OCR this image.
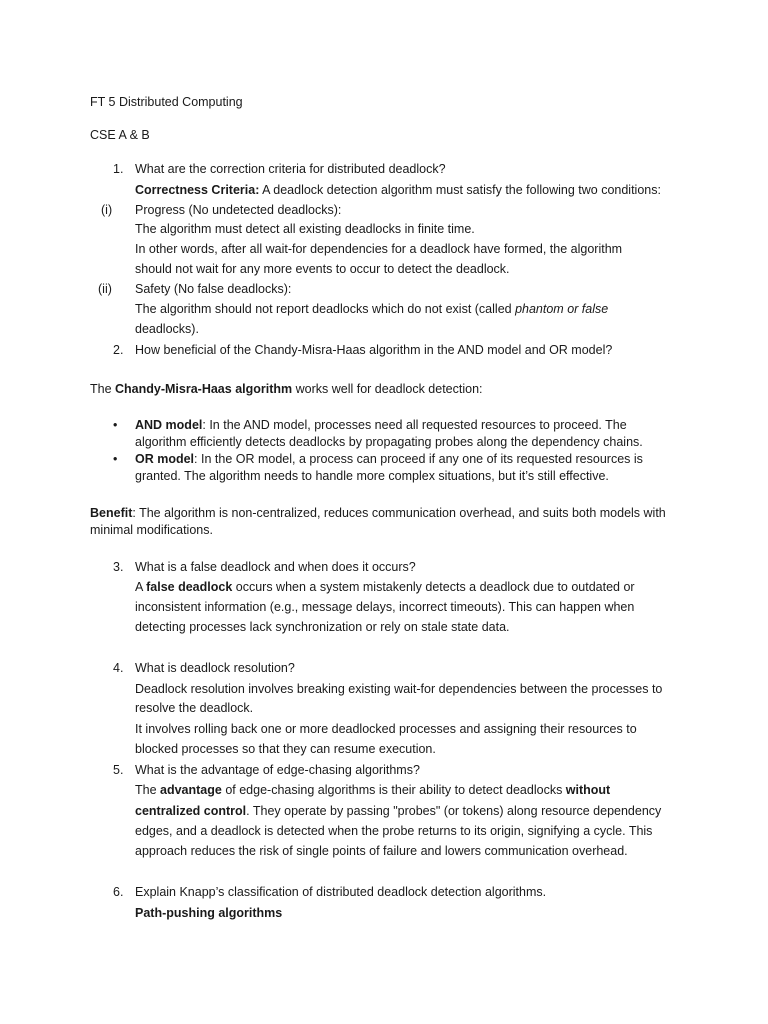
FT 5 Distributed Computing
CSE A & B
1. What are the correction criteria for distributed deadlock?
Correctness Criteria: A deadlock detection algorithm must satisfy the following two conditions:
(i) Progress (No undetected deadlocks):
The algorithm must detect all existing deadlocks in finite time.
In other words, after all wait-for dependencies for a deadlock have formed, the algorithm
should not wait for any more events to occur to detect the deadlock.
(ii) Safety (No false deadlocks):
The algorithm should not report deadlocks which do not exist (called phantom or false
deadlocks).
2. How beneficial of the Chandy-Misra-Haas algorithm in the AND model and OR model?
The Chandy-Misra-Haas algorithm works well for deadlock detection:
• AND model: In the AND model, processes need all requested resources to proceed. The
algorithm efficiently detects deadlocks by propagating probes along the dependency chains.
• OR model: In the OR model, a process can proceed if any one of its requested resources is
granted. The algorithm needs to handle more complex situations, but it’s still effective.
Benefit: The algorithm is non-centralized, reduces communication overhead, and suits both models with
minimal modifications.
3. What is a false deadlock and when does it occurs?
A false deadlock occurs when a system mistakenly detects a deadlock due to outdated or
inconsistent information (e.g., message delays, incorrect timeouts). This can happen when
detecting processes lack synchronization or rely on stale state data.
4. What is deadlock resolution?
Deadlock resolution involves breaking existing wait-for dependencies between the processes to
resolve the deadlock.
It involves rolling back one or more deadlocked processes and assigning their resources to
blocked processes so that they can resume execution.
5. What is the advantage of edge-chasing algorithms?
The advantage of edge-chasing algorithms is their ability to detect deadlocks without
centralized control. They operate by passing "probes" (or tokens) along resource dependency
edges, and a deadlock is detected when the probe returns to its origin, signifying a cycle. This
approach reduces the risk of single points of failure and lowers communication overhead.
6. Explain Knapp’s classification of distributed deadlock detection algorithms.
Path-pushing algorithms
